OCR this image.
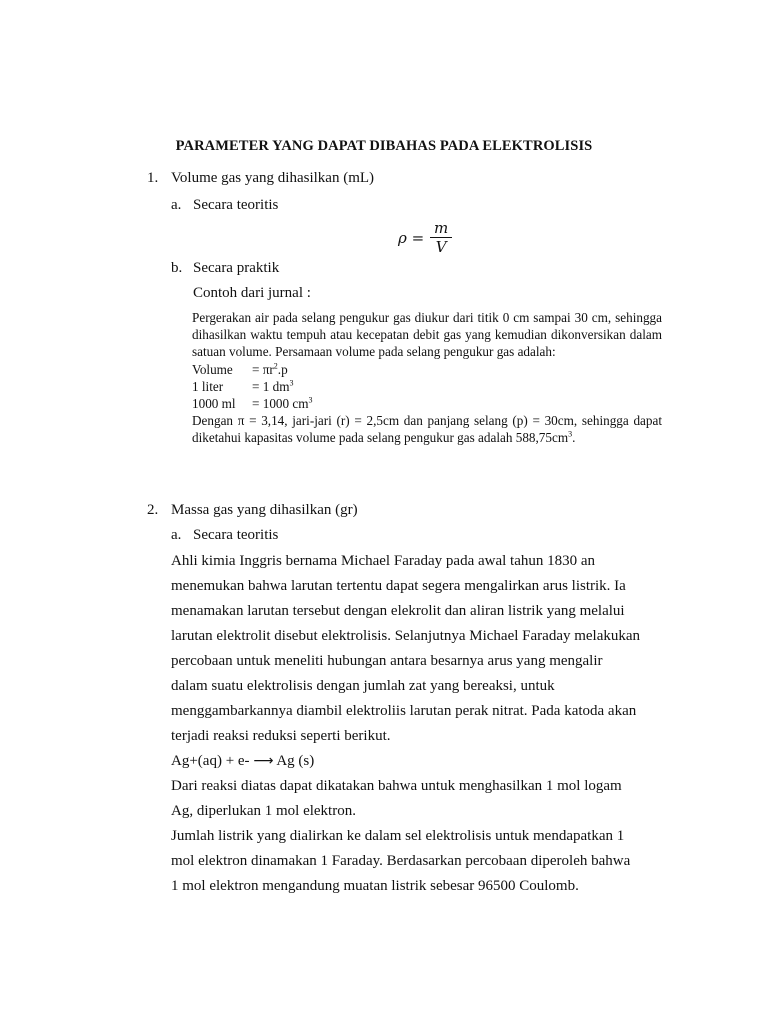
PARAMETER YANG DAPAT DIBAHAS PADA ELEKTROLISIS
1. Volume gas yang dihasilkan (mL)
a. Secara teoritis
$\rho = \frac{m}{V}$
b. Secara praktik
Contoh dari jurnal :

Pergerakan air pada selang pengukur gas diukur dari titik 0 cm sampai 30 cm, sehingga dihasilkan waktu tempuh atau kecepatan debit gas yang kemudian dikonversikan dalam satuan volume. Persamaan volume pada selang pengukur gas adalah:

Volume	= $\pi r^2.p$
1 liter	= 1 $dm^3$
1000 ml	= 1000 $cm^3$

Dengan π = 3,14, jari-jari (r) = 2,5cm dan panjang selang (p) = 30cm, sehingga dapat diketahui kapasitas volume pada selang pengukur gas adalah $588,75cm^3$.

2. Massa gas yang dihasilkan (gr)
a. Secara teoritis

Ahli kimia Inggris bernama Michael Faraday pada awal tahun 1830 an menemukan bahwa larutan tertentu dapat segera mengalirkan arus listrik. Ia menamakan larutan tersebut dengan elekrolit dan aliran listrik yang melalui larutan elektrolit disebut elektrolisis. Selanjutnya Michael Faraday melakukan percobaan untuk meneliti hubungan antara besarnya arus yang mengalir dalam suatu elektrolisis dengan jumlah zat yang bereaksi, untuk menggambarkannya diambil elektroliis larutan perak nitrat. Pada katoda akan terjadi reaksi reduksi seperti berikut.

Ag+(aq) + e- ⟶ Ag (s)

Dari reaksi diatas dapat dikatakan bahwa untuk menghasilkan 1 mol logam Ag, diperlukan 1 mol elektron.

Jumlah listrik yang dialirkan ke dalam sel elektrolisis untuk mendapatkan 1 mol elektron dinamakan 1 Faraday. Berdasarkan percobaan diperoleh bahwa 1 mol elektron mengandung muatan listrik sebesar 96500 Coulomb.
